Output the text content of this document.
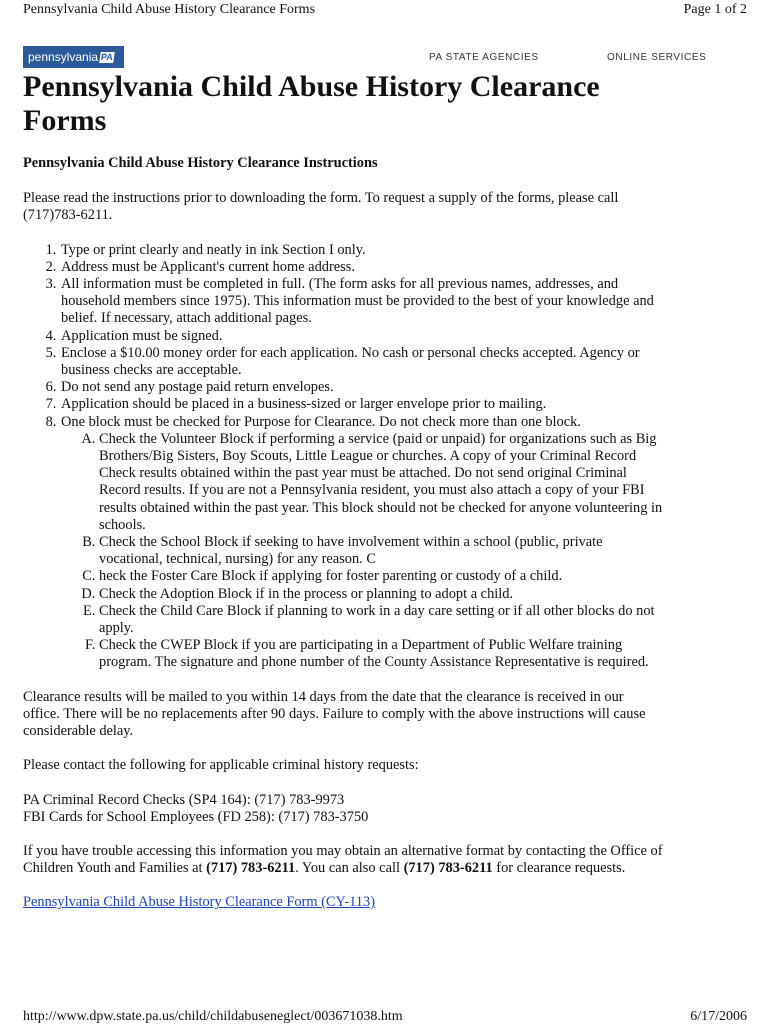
Pennsylvania Child Abuse History Clearance Forms	Page 1 of 2
pennsylvania PA	PA STATE AGENCIES	ONLINE SERVICES
Pennsylvania Child Abuse History Clearance Forms

Pennsylvania Child Abuse History Clearance Instructions

Please read the instructions prior to downloading the form. To request a supply of the forms, please call (717)783-6211.

1. Type or print clearly and neatly in ink Section I only.
2. Address must be Applicant's current home address.
3. All information must be completed in full. (The form asks for all previous names, addresses, and household members since 1975). This information must be provided to the best of your knowledge and belief. If necessary, attach additional pages.
4. Application must be signed.
5. Enclose a $10.00 money order for each application. No cash or personal checks accepted. Agency or business checks are acceptable.
6. Do not send any postage paid return envelopes.
7. Application should be placed in a business-sized or larger envelope prior to mailing.
8. One block must be checked for Purpose for Clearance. Do not check more than one block.
A. Check the Volunteer Block if performing a service (paid or unpaid) for organizations such as Big Brothers/Big Sisters, Boy Scouts, Little League or churches. A copy of your Criminal Record Check results obtained within the past year must be attached. Do not send original Criminal Record results. If you are not a Pennsylvania resident, you must also attach a copy of your FBI results obtained within the past year. This block should not be checked for anyone volunteering in schools.
B. Check the School Block if seeking to have involvement within a school (public, private vocational, technical, nursing) for any reason. C
C. heck the Foster Care Block if applying for foster parenting or custody of a child.
D. Check the Adoption Block if in the process or planning to adopt a child.
E. Check the Child Care Block if planning to work in a day care setting or if all other blocks do not apply.
F. Check the CWEP Block if you are participating in a Department of Public Welfare training program. The signature and phone number of the County Assistance Representative is required.

Clearance results will be mailed to you within 14 days from the date that the clearance is received in our office. There will be no replacements after 90 days. Failure to comply with the above instructions will cause considerable delay.

Please contact the following for applicable criminal history requests:

PA Criminal Record Checks (SP4 164): (717) 783-9973
FBI Cards for School Employees (FD 258): (717) 783-3750

If you have trouble accessing this information you may obtain an alternative format by contacting the Office of Children Youth and Families at (717) 783-6211. You can also call (717) 783-6211 for clearance requests.

Pennsylvania Child Abuse History Clearance Form (CY-113)

http://www.dpw.state.pa.us/child/childabuseneglect/003671038.htm	6/17/2006
